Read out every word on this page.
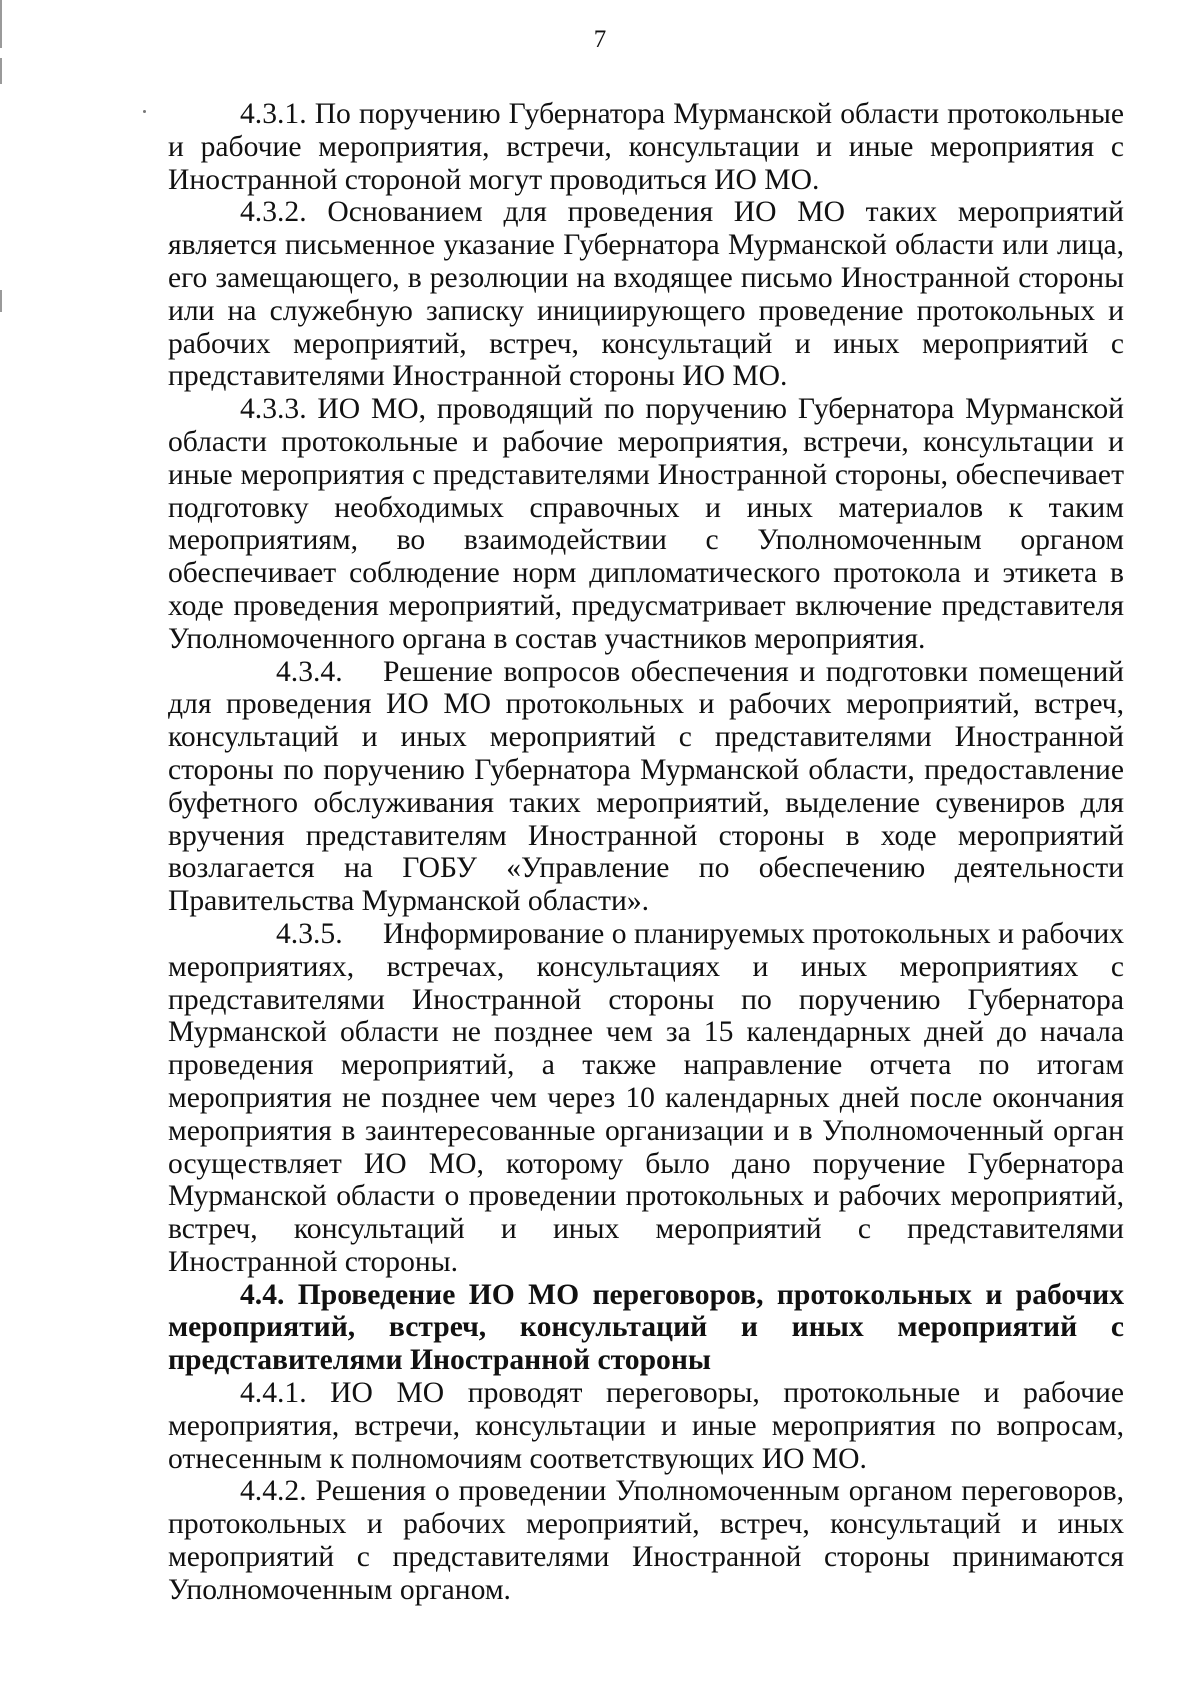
7

4.3.1. По поручению Губернатора Мурманской области протокольные и рабочие мероприятия, встречи, консультации и иные мероприятия с Иностранной стороной могут проводиться ИО МО.

4.3.2. Основанием для проведения ИО МО таких мероприятий является письменное указание Губернатора Мурманской области или лица, его замещающего, в резолюции на входящее письмо Иностранной стороны или на служебную записку инициирующего проведение протокольных и рабочих мероприятий, встреч, консультаций и иных мероприятий с представителями Иностранной стороны ИО МО.

4.3.3. ИО МО, проводящий по поручению Губернатора Мурманской области протокольные и рабочие мероприятия, встречи, консультации и иные мероприятия с представителями Иностранной стороны, обеспечивает подготовку необходимых справочных и иных материалов к таким мероприятиям, во взаимодействии с Уполномоченным органом обеспечивает соблюдение норм дипломатического протокола и этикета в ходе проведения мероприятий, предусматривает включение представителя Уполномоченного органа в состав участников мероприятия.

4.3.4. Решение вопросов обеспечения и подготовки помещений для проведения ИО МО протокольных и рабочих мероприятий, встреч, консультаций и иных мероприятий с представителями Иностранной стороны по поручению Губернатора Мурманской области, предоставление буфетного обслуживания таких мероприятий, выделение сувениров для вручения представителям Иностранной стороны в ходе мероприятий возлагается на ГОБУ «Управление по обеспечению деятельности Правительства Мурманской области».

4.3.5. Информирование о планируемых протокольных и рабочих мероприятиях, встречах, консультациях и иных мероприятиях с представителями Иностранной стороны по поручению Губернатора Мурманской области не позднее чем за 15 календарных дней до начала проведения мероприятий, а также направление отчета по итогам мероприятия не позднее чем через 10 календарных дней после окончания мероприятия в заинтересованные организации и в Уполномоченный орган осуществляет ИО МО, которому было дано поручение Губернатора Мурманской области о проведении протокольных и рабочих мероприятий, встреч, консультаций и иных мероприятий с представителями Иностранной стороны.

4.4. Проведение ИО МО переговоров, протокольных и рабочих мероприятий, встреч, консультаций и иных мероприятий с представителями Иностранной стороны

4.4.1. ИО МО проводят переговоры, протокольные и рабочие мероприятия, встречи, консультации и иные мероприятия по вопросам, отнесенным к полномочиям соответствующих ИО МО.

4.4.2. Решения о проведении Уполномоченным органом переговоров, протокольных и рабочих мероприятий, встреч, консультаций и иных мероприятий с представителями Иностранной стороны принимаются Уполномоченным органом.
